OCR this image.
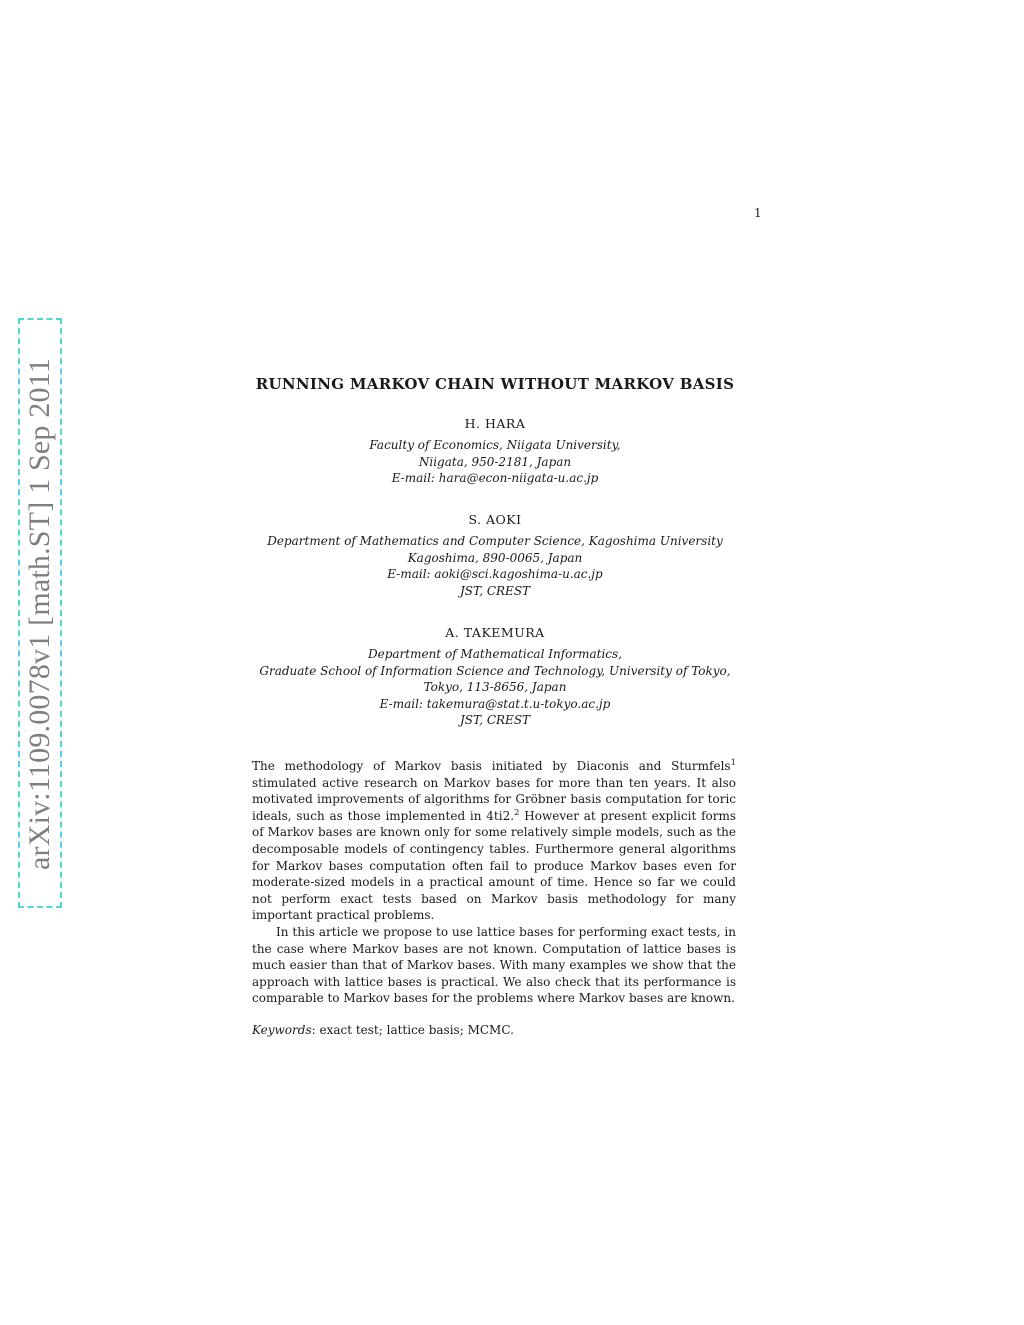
1
arXiv:1109.0078v1 [math.ST] 1 Sep 2011	RUNNING MARKOV CHAIN WITHOUT MARKOV BASIS
H. HARA
Faculty of Economics, Niigata University,
Niigata, 950-2181, Japan
E-mail: hara@econ-niigata-u.ac.jp
S. AOKI
Department of Mathematics and Computer Science, Kagoshima University
Kagoshima, 890-0065, Japan
E-mail: aoki@sci.kagoshima-u.ac.jp
JST, CREST
A. TAKEMURA
Department of Mathematical Informatics,
Graduate School of Information Science and Technology, University of Tokyo,
Tokyo, 113-8656, Japan
E-mail: takemura@stat.t.u-tokyo.ac.jp
JST, CREST

The methodology of Markov basis initiated by Diaconis and Sturmfels$^1$ stimulated active research on Markov bases for more than ten years. It also motivated improvements of algorithms for Gröbner basis computation for toric ideals, such as those implemented in 4ti2.$^2$ However at present explicit forms of Markov bases are known only for some relatively simple models, such as the decomposable models of contingency tables. Furthermore general algorithms for Markov bases computation often fail to produce Markov bases even for moderate-sized models in a practical amount of time. Hence so far we could not perform exact tests based on Markov basis methodology for many important practical problems.

In this article we propose to use lattice bases for performing exact tests, in the case where Markov bases are not known. Computation of lattice bases is much easier than that of Markov bases. With many examples we show that the approach with lattice bases is practical. We also check that its performance is comparable to Markov bases for the problems where Markov bases are known.

Keywords: exact test; lattice basis; MCMC.
